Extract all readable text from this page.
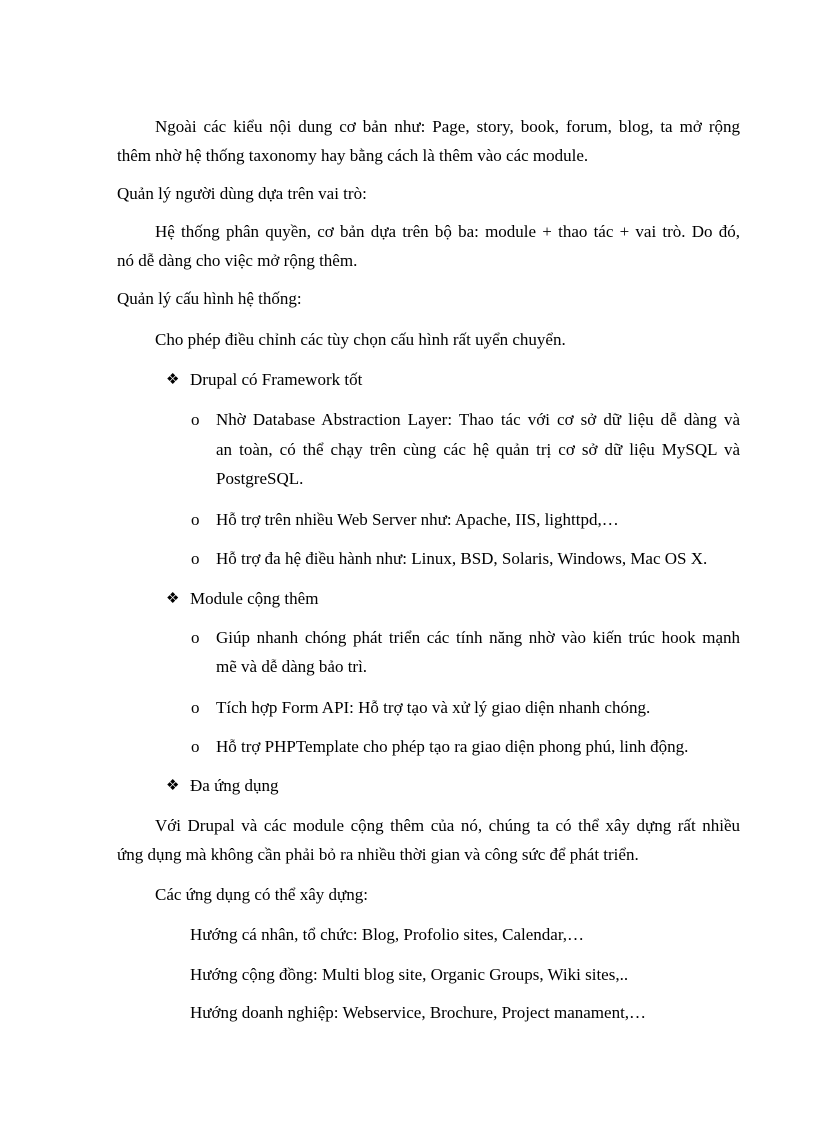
Ngoài các kiểu nội dung cơ bản như: Page, story, book, forum, blog, ta mở rộng
thêm nhờ hệ thống taxonomy hay bằng cách là thêm vào các module.
Quản lý người dùng dựa trên vai trò:
Hệ thống phân quyền, cơ bản dựa trên bộ ba: module + thao tác + vai trò. Do đó,
nó dễ dàng cho việc mở rộng thêm.
Quản lý cấu hình hệ thống:
Cho phép điều chỉnh các tùy chọn cấu hình rất uyển chuyển.
❖ Drupal có Framework tốt
o Nhờ Database Abstraction Layer: Thao tác với cơ sở dữ liệu dễ dàng và
an toàn, có thể chạy trên cùng các hệ quản trị cơ sở dữ liệu MySQL và
PostgreSQL.
o Hỗ trợ trên nhiều Web Server như: Apache, IIS, lighttpd,…
o Hỗ trợ đa hệ điều hành như: Linux, BSD, Solaris, Windows, Mac OS X.
❖ Module cộng thêm
o Giúp nhanh chóng phát triển các tính năng nhờ vào kiến trúc hook mạnh
mẽ và dễ dàng bảo trì.
o Tích hợp Form API: Hỗ trợ tạo và xử lý giao diện nhanh chóng.
o Hỗ trợ PHPTemplate cho phép tạo ra giao diện phong phú, linh động.
❖ Đa ứng dụng
Với Drupal và các module cộng thêm của nó, chúng ta có thể xây dựng rất nhiều
ứng dụng mà không cần phải bỏ ra nhiều thời gian và công sức để phát triển.
Các ứng dụng có thể xây dựng:
Hướng cá nhân, tổ chức: Blog, Profolio sites, Calendar,…
Hướng cộng đồng: Multi blog site, Organic Groups, Wiki sites,..
Hướng doanh nghiệp: Webservice, Brochure, Project manament,…
